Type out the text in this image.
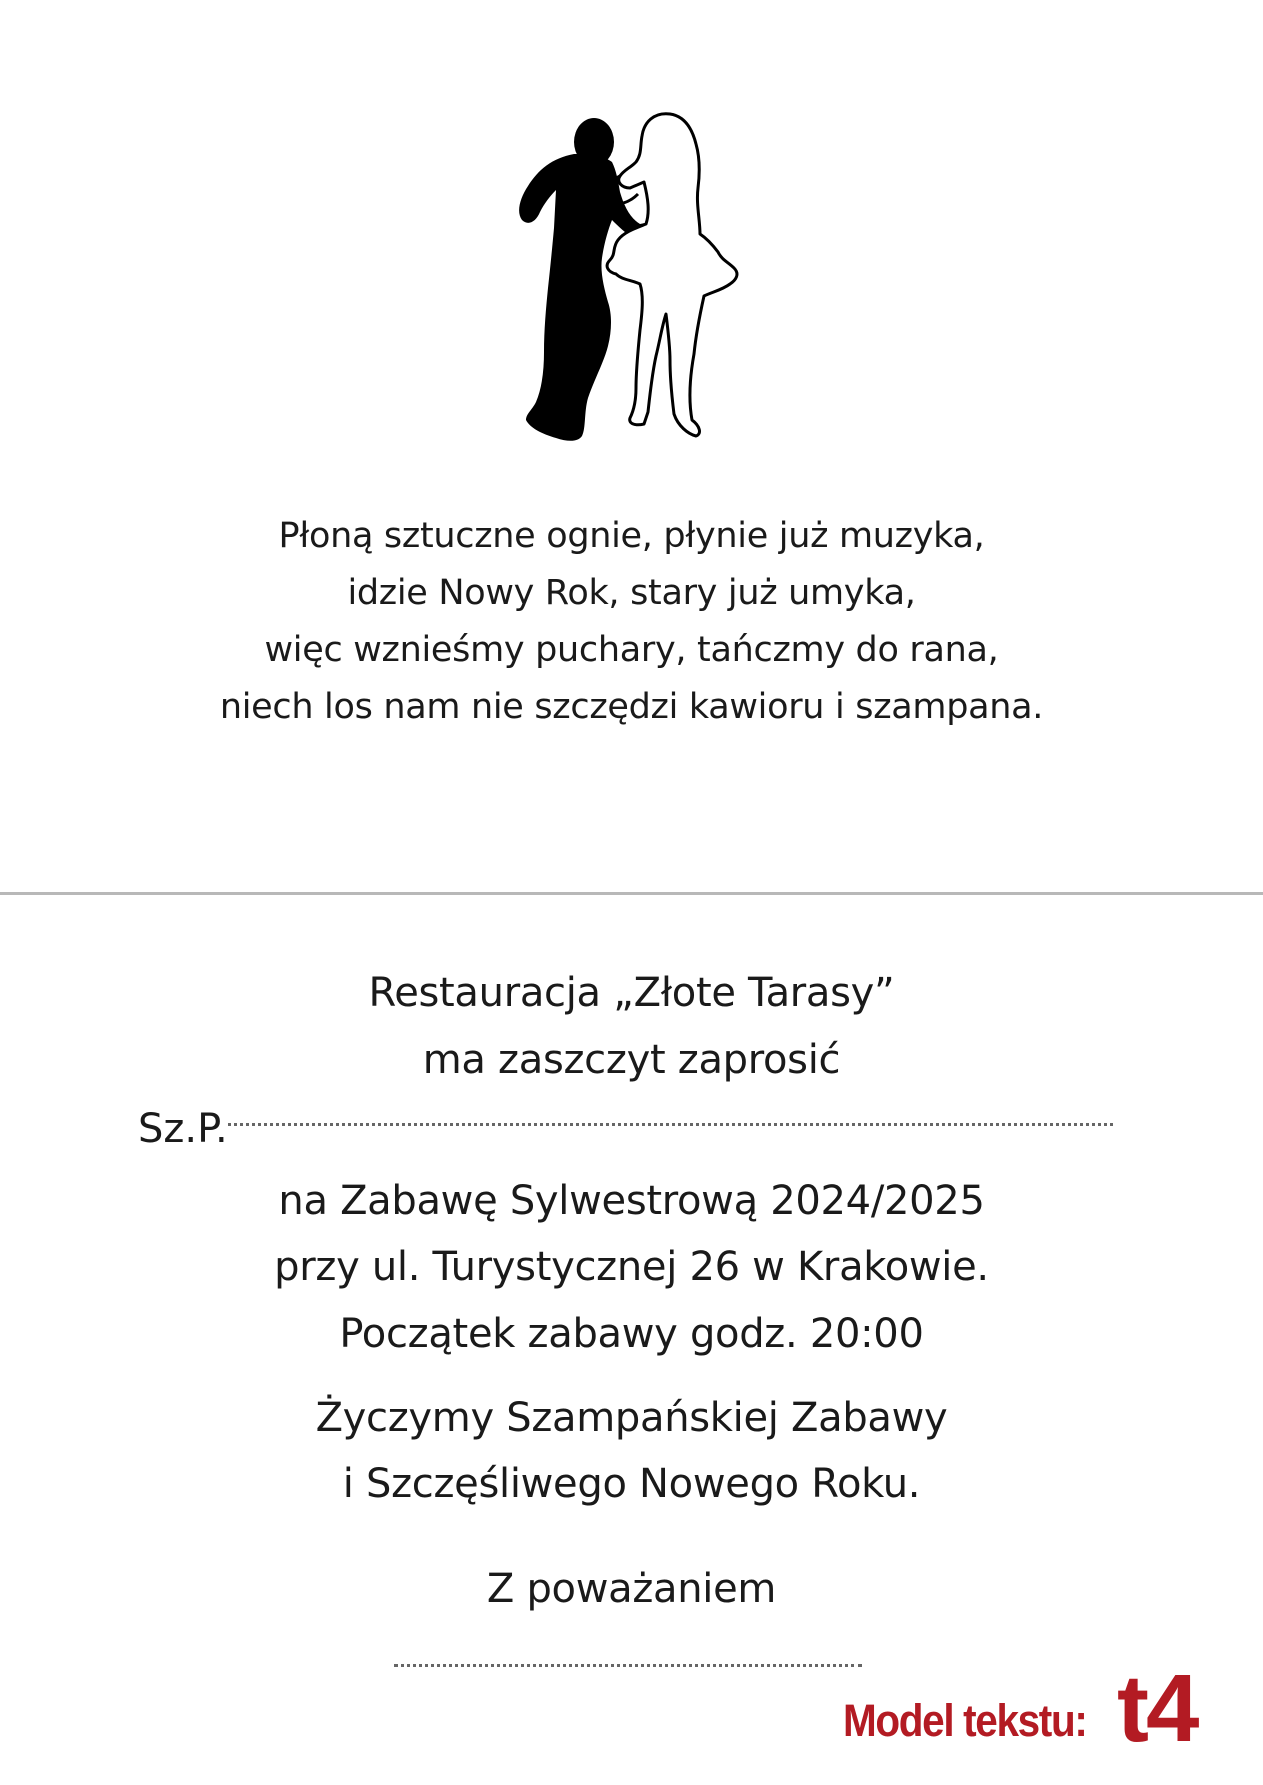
Płoną sztuczne ognie, płynie już muzyka,
idzie Nowy Rok, stary już umyka,
więc wznieśmy puchary, tańczmy do rana,
niech los nam nie szczędzi kawioru i szampana.
Restauracja „Złote Tarasy”
ma zaszczyt zaprosić
Sz.P.
na Zabawę Sylwestrową 2024/2025
przy ul. Turystycznej 26 w Krakowie.
Początek zabawy godz. 20:00
Życzymy Szampańskiej Zabawy
i Szczęśliwego Nowego Roku.
Z poważaniem
Model tekstu: t4
